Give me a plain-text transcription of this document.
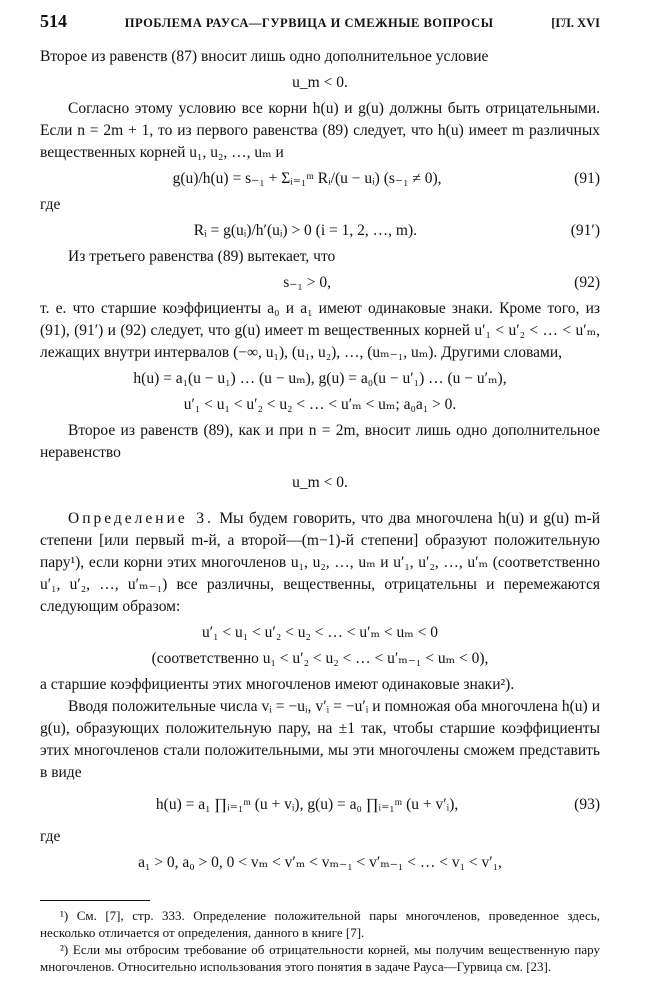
514	ПРОБЛЕМА РАУСА—ГУРВИЦА И СМЕЖНЫЕ ВОПРОСЫ	[ГЛ. XVI

Второе из равенств (87) вносит лишь одно дополнительное условие

u_m < 0.

Согласно этому условию все корни h(u) и g(u) должны быть отрицательными. Если n = 2m + 1, то из первого равенства (89) следует, что h(u) имеет m различных вещественных корней u₁, u₂, …, uₘ и

g(u)/h(u) = s₋₁ + Σᵢ₌₁ᵐ Rᵢ/(u − uᵢ) (s₋₁ ≠ 0),	(91)

где

Rᵢ = g(uᵢ)/h′(uᵢ) > 0 (i = 1, 2, …, m).	(91′)

Из третьего равенства (89) вытекает, что

s₋₁ > 0,	(92)

т. е. что старшие коэффициенты a₀ и a₁ имеют одинаковые знаки. Кроме того, из (91), (91′) и (92) следует, что g(u) имеет m вещественных корней u′₁ < u′₂ < … < u′ₘ, лежащих внутри интервалов (−∞, u₁), (u₁, u₂), …, (uₘ₋₁, uₘ). Другими словами,

h(u) = a₁(u − u₁) … (u − uₘ), g(u) = a₀(u − u′₁) … (u − u′ₘ),
u′₁ < u₁ < u′₂ < u₂ < … < u′ₘ < uₘ; a₀a₁ > 0.

Второе из равенств (89), как и при n = 2m, вносит лишь одно дополнительное неравенство

u_m < 0.

Определение 3. Мы будем говорить, что два многочлена h(u) и g(u) m-й степени [или первый m-й, а второй—(m−1)-й степени] образуют положительную пару¹), если корни этих многочленов u₁, u₂, …, uₘ и u′₁, u′₂, …, u′ₘ (соответственно u′₁, u′₂, …, u′ₘ₋₁) все различны, вещественны, отрицательны и перемежаются следующим образом:

u′₁ < u₁ < u′₂ < u₂ < … < u′ₘ < uₘ < 0
(соответственно u₁ < u′₂ < u₂ < … < u′ₘ₋₁ < uₘ < 0),

а старшие коэффициенты этих многочленов имеют одинаковые знаки²).

Вводя положительные числа vᵢ = −uᵢ, v′ᵢ = −u′ᵢ и помножая оба многочлена h(u) и g(u), образующих положительную пару, на ±1 так, чтобы старшие коэффициенты этих многочленов стали положительными, мы эти многочлены сможем представить в виде

h(u) = a₁ ∏ᵢ₌₁ᵐ (u + vᵢ), g(u) = a₀ ∏ᵢ₌₁ᵐ (u + v′ᵢ),	(93)

где

a₁ > 0, a₀ > 0, 0 < vₘ < v′ₘ < vₘ₋₁ < v′ₘ₋₁ < … < v₁ < v′₁,

¹) См. [7], стр. 333. Определение положительной пары многочленов, проведенное здесь, несколько отличается от определения, данного в книге [7].

²) Если мы отбросим требование об отрицательности корней, мы получим вещественную пару многочленов. Относительно использования этого понятия в задаче Рауса—Гурвица см. [23].
